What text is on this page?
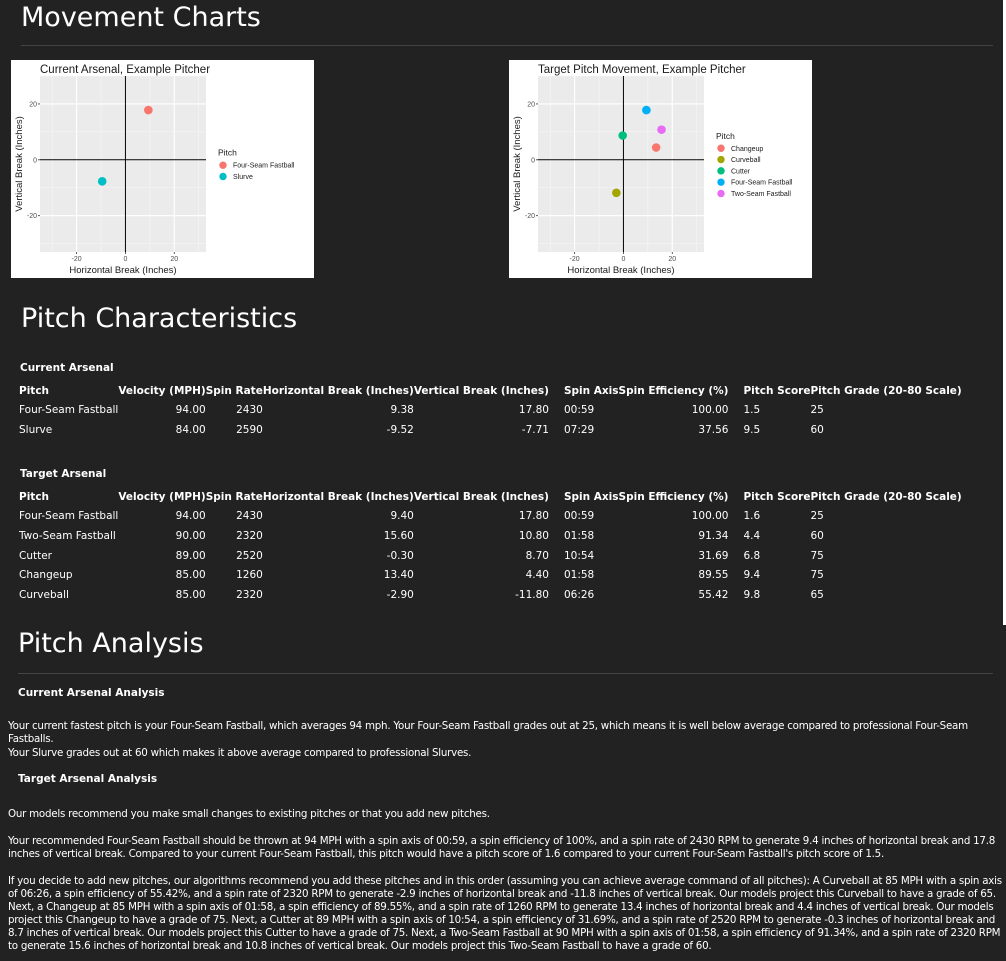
Movement Charts
Current Arsenal, Example Pitcher
-20	0	20
20
0
-20
Horizontal Break (Inches)
Vertical Break (Inches)	Pitch
Four-Seam Fastball
Slurve
Target Pitch Movement, Example Pitcher
-20	0	20
20
0
-20
Horizontal Break (Inches)
Vertical Break (Inches)	Pitch
Changeup
Curveball
Cutter
Four-Seam Fastball
Two-Seam Fastball
Pitch Characteristics
Current Arsenal
Pitch	Velocity (MPH)	Spin Rate	Horizontal Break (Inches)	Vertical Break (Inches)	Spin Axis	Spin Efficiency (%)	Pitch Score	Pitch Grade (20-80 Scale)
Four-Seam Fastball	94.00	2430	9.38	17.80	00:59	100.00	1.5	25
Slurve	84.00	2590	-9.52	-7.71	07:29	37.56	9.5	60
Target Arsenal
Pitch	Velocity (MPH)	Spin Rate	Horizontal Break (Inches)	Vertical Break (Inches)	Spin Axis	Spin Efficiency (%)	Pitch Score	Pitch Grade (20-80 Scale)
Four-Seam Fastball	94.00	2430	9.40	17.80	00:59	100.00	1.6	25
Two-Seam Fastball	90.00	2320	15.60	10.80	01:58	91.34	4.4	60
Cutter	89.00	2520	-0.30	8.70	10:54	31.69	6.8	75
Changeup	85.00	1260	13.40	4.40	01:58	89.55	9.4	75
Curveball	85.00	2320	-2.90	-11.80	06:26	55.42	9.8	65
Pitch Analysis
Current Arsenal Analysis
Your current fastest pitch is your Four-Seam Fastball, which averages 94 mph. Your Four-Seam Fastball grades out at 25, which means it is well below average compared to professional Four-Seam Fastballs.
Your Slurve grades out at 60 which makes it above average compared to professional Slurves.
Target Arsenal Analysis
Our models recommend you make small changes to existing pitches or that you add new pitches.
Your recommended Four-Seam Fastball should be thrown at 94 MPH with a spin axis of 00:59, a spin efficiency of 100%, and a spin rate of 2430 RPM to generate 9.4 inches of horizontal break and 17.8 inches of vertical break. Compared to your current Four-Seam Fastball, this pitch would have a pitch score of 1.6 compared to your current Four-Seam Fastball's pitch score of 1.5.
If you decide to add new pitches, our algorithms recommend you add these pitches and in this order (assuming you can achieve average command of all pitches): A Curveball at 85 MPH with a spin axis of 06:26, a spin efficiency of 55.42%, and a spin rate of 2320 RPM to generate -2.9 inches of horizontal break and -11.8 inches of vertical break. Our models project this Curveball to have a grade of 65. Next, a Changeup at 85 MPH with a spin axis of 01:58, a spin efficiency of 89.55%, and a spin rate of 1260 RPM to generate 13.4 inches of horizontal break and 4.4 inches of vertical break. Our models project this Changeup to have a grade of 75. Next, a Cutter at 89 MPH with a spin axis of 10:54, a spin efficiency of 31.69%, and a spin rate of 2520 RPM to generate -0.3 inches of horizontal break and 8.7 inches of vertical break. Our models project this Cutter to have a grade of 75. Next, a Two-Seam Fastball at 90 MPH with a spin axis of 01:58, a spin efficiency of 91.34%, and a spin rate of 2320 RPM to generate 15.6 inches of horizontal break and 10.8 inches of vertical break. Our models project this Two-Seam Fastball to have a grade of 60.
